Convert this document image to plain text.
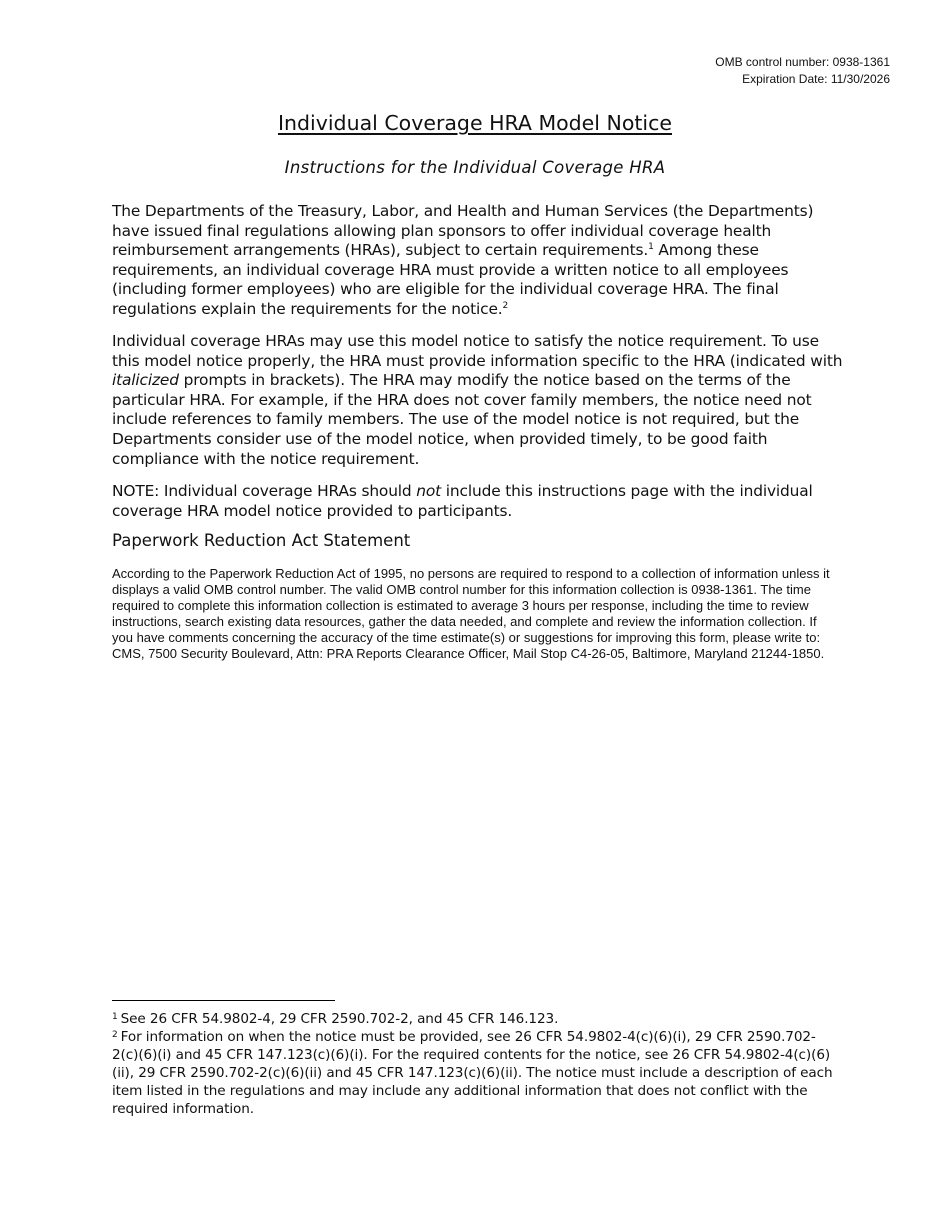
OMB control number: 0938-1361
Expiration Date: 11/30/2026
Individual Coverage HRA Model Notice
Instructions for the Individual Coverage HRA

The Departments of the Treasury, Labor, and Health and Human Services (the Departments) have issued final regulations allowing plan sponsors to offer individual coverage health reimbursement arrangements (HRAs), subject to certain requirements.$^1$ Among these requirements, an individual coverage HRA must provide a written notice to all employees (including former employees) who are eligible for the individual coverage HRA. The final regulations explain the requirements for the notice.$^2$

Individual coverage HRAs may use this model notice to satisfy the notice requirement. To use this model notice properly, the HRA must provide information specific to the HRA (indicated with italicized prompts in brackets). The HRA may modify the notice based on the terms of the particular HRA. For example, if the HRA does not cover family members, the notice need not include references to family members. The use of the model notice is not required, but the Departments consider use of the model notice, when provided timely, to be good faith compliance with the notice requirement.

NOTE: Individual coverage HRAs should not include this instructions page with the individual coverage HRA model notice provided to participants.

Paperwork Reduction Act Statement

According to the Paperwork Reduction Act of 1995, no persons are required to respond to a collection of information unless it displays a valid OMB control number. The valid OMB control number for this information collection is 0938-1361. The time required to complete this information collection is estimated to average 3 hours per response, including the time to review instructions, search existing data resources, gather the data needed, and complete and review the information collection. If you have comments concerning the accuracy of the time estimate(s) or suggestions for improving this form, please write to: CMS, 7500 Security Boulevard, Attn: PRA Reports Clearance Officer, Mail Stop C4-26-05, Baltimore, Maryland 21244-1850.

$^1$ See 26 CFR 54.9802-4, 29 CFR 2590.702-2, and 45 CFR 146.123.

$^2$ For information on when the notice must be provided, see 26 CFR 54.9802-4(c)(6)(i), 29 CFR 2590.702-2(c)(6)(i) and 45 CFR 147.123(c)(6)(i). For the required contents for the notice, see 26 CFR 54.9802-4(c)(6)(ii), 29 CFR 2590.702-2(c)(6)(ii) and 45 CFR 147.123(c)(6)(ii). The notice must include a description of each item listed in the regulations and may include any additional information that does not conflict with the required information.
